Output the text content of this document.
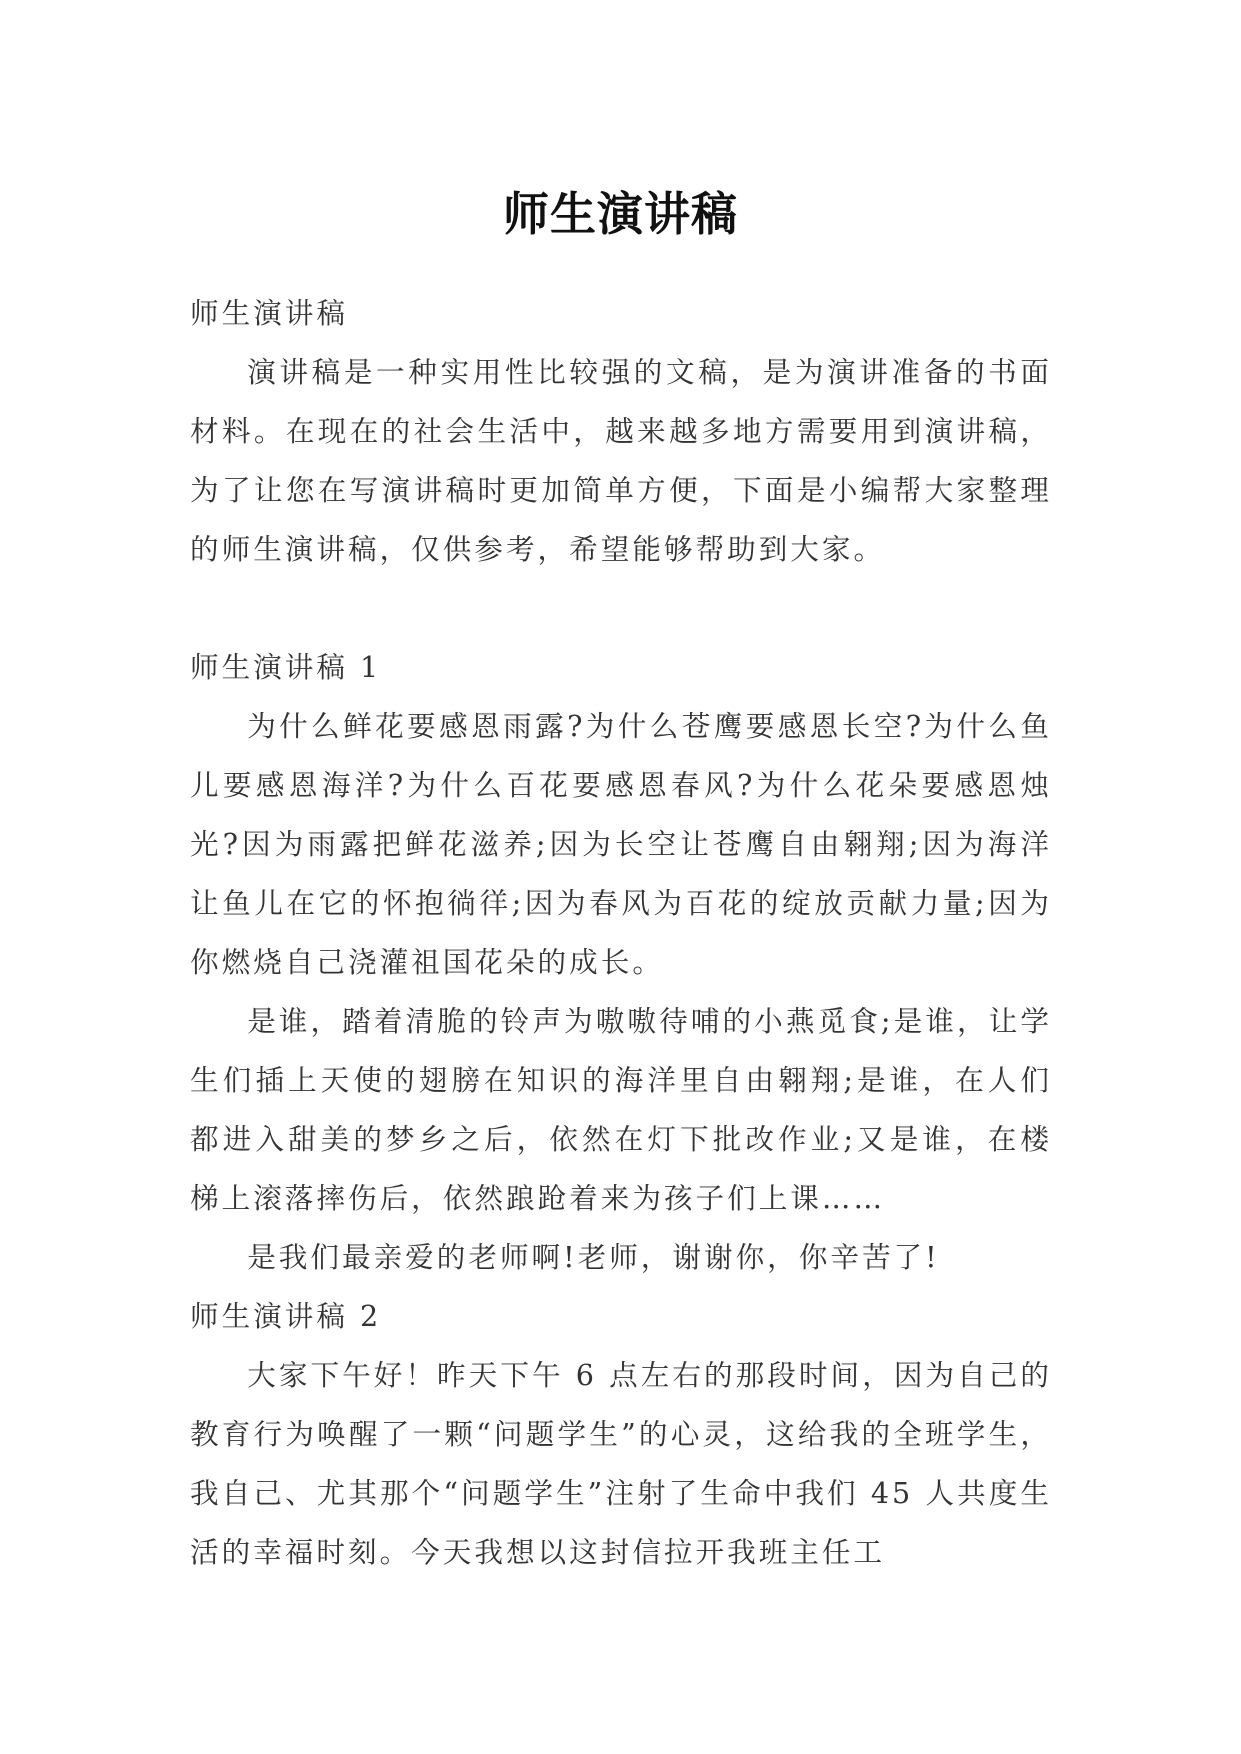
师生演讲稿
师生演讲稿

演讲稿是一种实用性比较强的文稿，是为演讲准备的书面材料。在现在的社会生活中，越来越多地方需要用到演讲稿，为了让您在写演讲稿时更加简单方便，下面是小编帮大家整理的师生演讲稿，仅供参考，希望能够帮助到大家。

师生演讲稿 1

为什么鲜花要感恩雨露?为什么苍鹰要感恩长空?为什么鱼儿要感恩海洋?为什么百花要感恩春风?为什么花朵要感恩烛光?因为雨露把鲜花滋养;因为长空让苍鹰自由翱翔;因为海洋让鱼儿在它的怀抱徜徉;因为春风为百花的绽放贡献力量;因为你燃烧自己浇灌祖国花朵的成长。

是谁，踏着清脆的铃声为嗷嗷待哺的小燕觅食;是谁，让学生们插上天使的翅膀在知识的海洋里自由翱翔;是谁，在人们都进入甜美的梦乡之后，依然在灯下批改作业;又是谁，在楼梯上滚落摔伤后，依然踉跄着来为孩子们上课……

是我们最亲爱的老师啊!老师，谢谢你，你辛苦了!

师生演讲稿 2

大家下午好！昨天下午 6 点左右的那段时间，因为自己的教育行为唤醒了一颗“问题学生”的心灵，这给我的全班学生，我自己、尤其那个“问题学生”注射了生命中我们 45 人共度生活的幸福时刻。今天我想以这封信拉开我班主任工
